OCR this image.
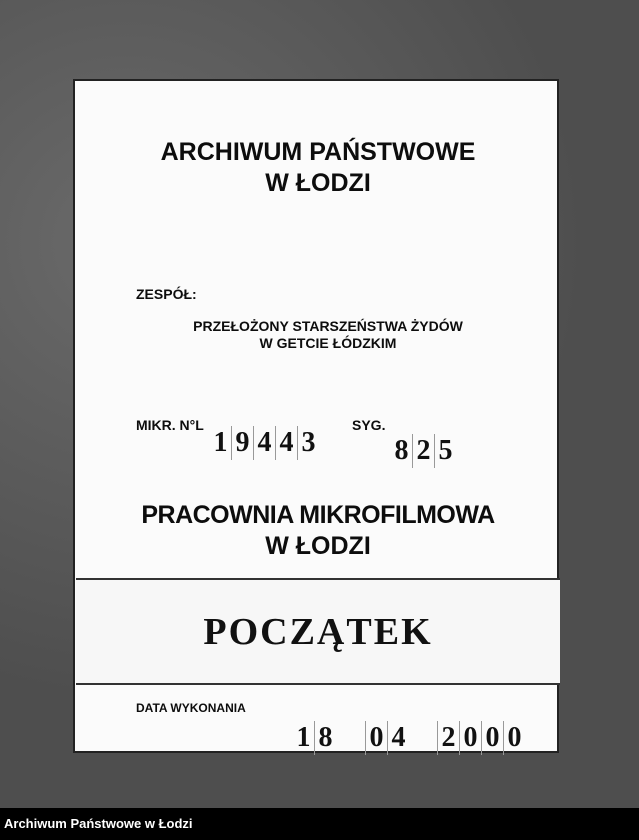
ARCHIWUM PAŃSTWOWE
W ŁODZI
ZESPÓŁ:
PRZEŁOŻONY STARSZEŃSTWA ŻYDÓW
W GETCIE ŁÓDZKIM
MIKR. N°L
1 9 4 4 3
SYG.
8 2 5
PRACOWNIA MIKROFILMOWA
W ŁODZI
DATA WYKONANIA
1 8 0 4 2 0 0 0
POCZĄTEK
Archiwum Państwowe w Łodzi
